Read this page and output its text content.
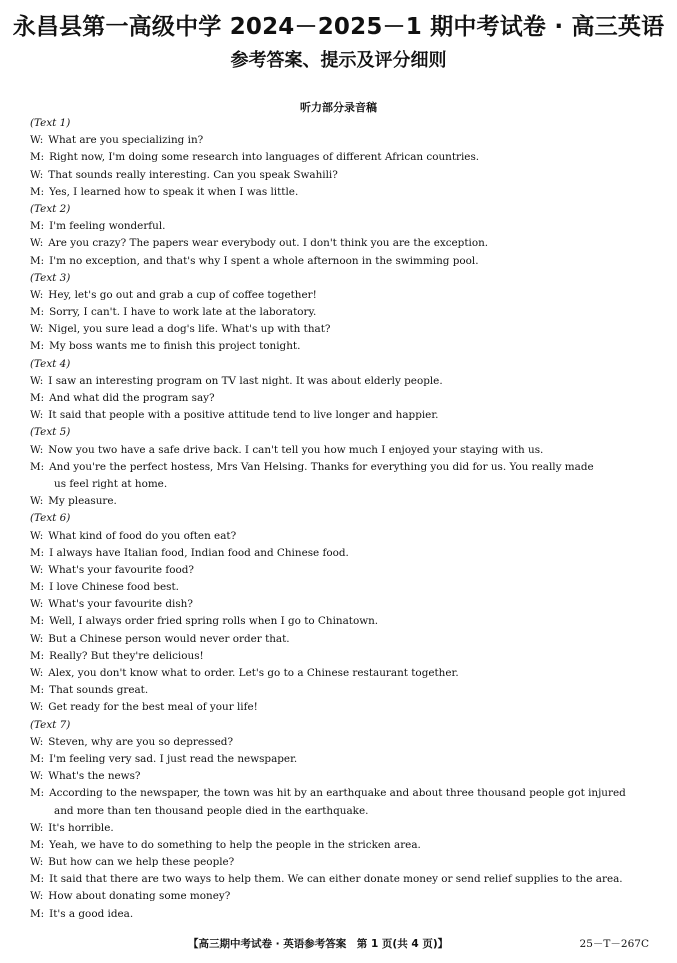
永昌县第一高级中学 2024－2025－1 期中考试卷 · 高三英语
参考答案、提示及评分细则
听力部分录音稿
(Text 1)
W: What are you specializing in?
M: Right now, I'm doing some research into languages of different African countries.
W: That sounds really interesting. Can you speak Swahili?
M: Yes, I learned how to speak it when I was little.
(Text 2)
M: I'm feeling wonderful.
W: Are you crazy? The papers wear everybody out. I don't think you are the exception.
M: I'm no exception, and that's why I spent a whole afternoon in the swimming pool.
(Text 3)
W: Hey, let's go out and grab a cup of coffee together!
M: Sorry, I can't. I have to work late at the laboratory.
W: Nigel, you sure lead a dog's life. What's up with that?
M: My boss wants me to finish this project tonight.
(Text 4)
W: I saw an interesting program on TV last night. It was about elderly people.
M: And what did the program say?
W: It said that people with a positive attitude tend to live longer and happier.
(Text 5)
W: Now you two have a safe drive back. I can't tell you how much I enjoyed your staying with us.
M: And you're the perfect hostess, Mrs Van Helsing. Thanks for everything you did for us. You really made
us feel right at home.
W: My pleasure.
(Text 6)
W: What kind of food do you often eat?
M: I always have Italian food, Indian food and Chinese food.
W: What's your favourite food?
M: I love Chinese food best.
W: What's your favourite dish?
M: Well, I always order fried spring rolls when I go to Chinatown.
W: But a Chinese person would never order that.
M: Really? But they're delicious!
W: Alex, you don't know what to order. Let's go to a Chinese restaurant together.
M: That sounds great.
W: Get ready for the best meal of your life!
(Text 7)
W: Steven, why are you so depressed?
M: I'm feeling very sad. I just read the newspaper.
W: What's the news?
M: According to the newspaper, the town was hit by an earthquake and about three thousand people got injured
and more than ten thousand people died in the earthquake.
W: It's horrible.
M: Yeah, we have to do something to help the people in the stricken area.
W: But how can we help these people?
M: It said that there are two ways to help them. We can either donate money or send relief supplies to the area.
W: How about donating some money?
M: It's a good idea.
【高三期中考试卷 · 英语参考答案　第 1 页(共 4 页)】	25－T－267C
